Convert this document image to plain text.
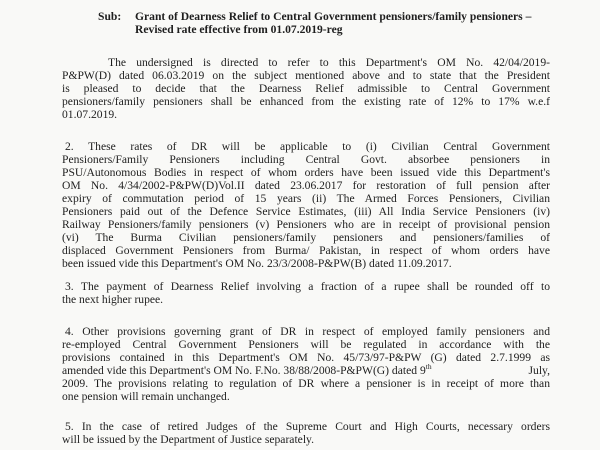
Sub: Grant of Dearness Relief to Central Government pensioners/family pensioners –
Revised rate effective from 01.07.2019-reg
The undersigned is directed to refer to this Department's OM No. 42/04/2019-
P&PW(D) dated 06.03.2019 on the subject mentioned above and to state that the President
is pleased to decide that the Dearness Relief admissible to Central Government
pensioners/family pensioners shall be enhanced from the existing rate of 12% to 17% w.e.f
01.07.2019.
2. These rates of DR will be applicable to (i) Civilian Central Government
Pensioners/Family Pensioners including Central Govt. absorbee pensioners in
PSU/Autonomous Bodies in respect of whom orders have been issued vide this Department's
OM No. 4/34/2002-P&PW(D)Vol.II dated 23.06.2017 for restoration of full pension after
expiry of commutation period of 15 years (ii) The Armed Forces Pensioners, Civilian
Pensioners paid out of the Defence Service Estimates, (iii) All India Service Pensioners (iv)
Railway Pensioners/family pensioners (v) Pensioners who are in receipt of provisional pension
(vi) The Burma Civilian pensioners/family pensioners and pensioners/families of
displaced Government Pensioners from Burma/ Pakistan, in respect of whom orders have
been issued vide this Department's OM No. 23/3/2008-P&PW(B) dated 11.09.2017.
3. The payment of Dearness Relief involving a fraction of a rupee shall be rounded off to
the next higher rupee.
4. Other provisions governing grant of DR in respect of employed family pensioners and
re-employed Central Government Pensioners will be regulated in accordance with the
provisions contained in this Department's OM No. 45/73/97-P&PW (G) dated 2.7.1999 as
amended vide this Department's OM No. F.No. 38/88/2008-P&PW(G) dated 9th	July,
2009. The provisions relating to regulation of DR where a pensioner is in receipt of more than
one pension will remain unchanged.
5. In the case of retired Judges of the Supreme Court and High Courts, necessary orders
will be issued by the Department of Justice separately.
